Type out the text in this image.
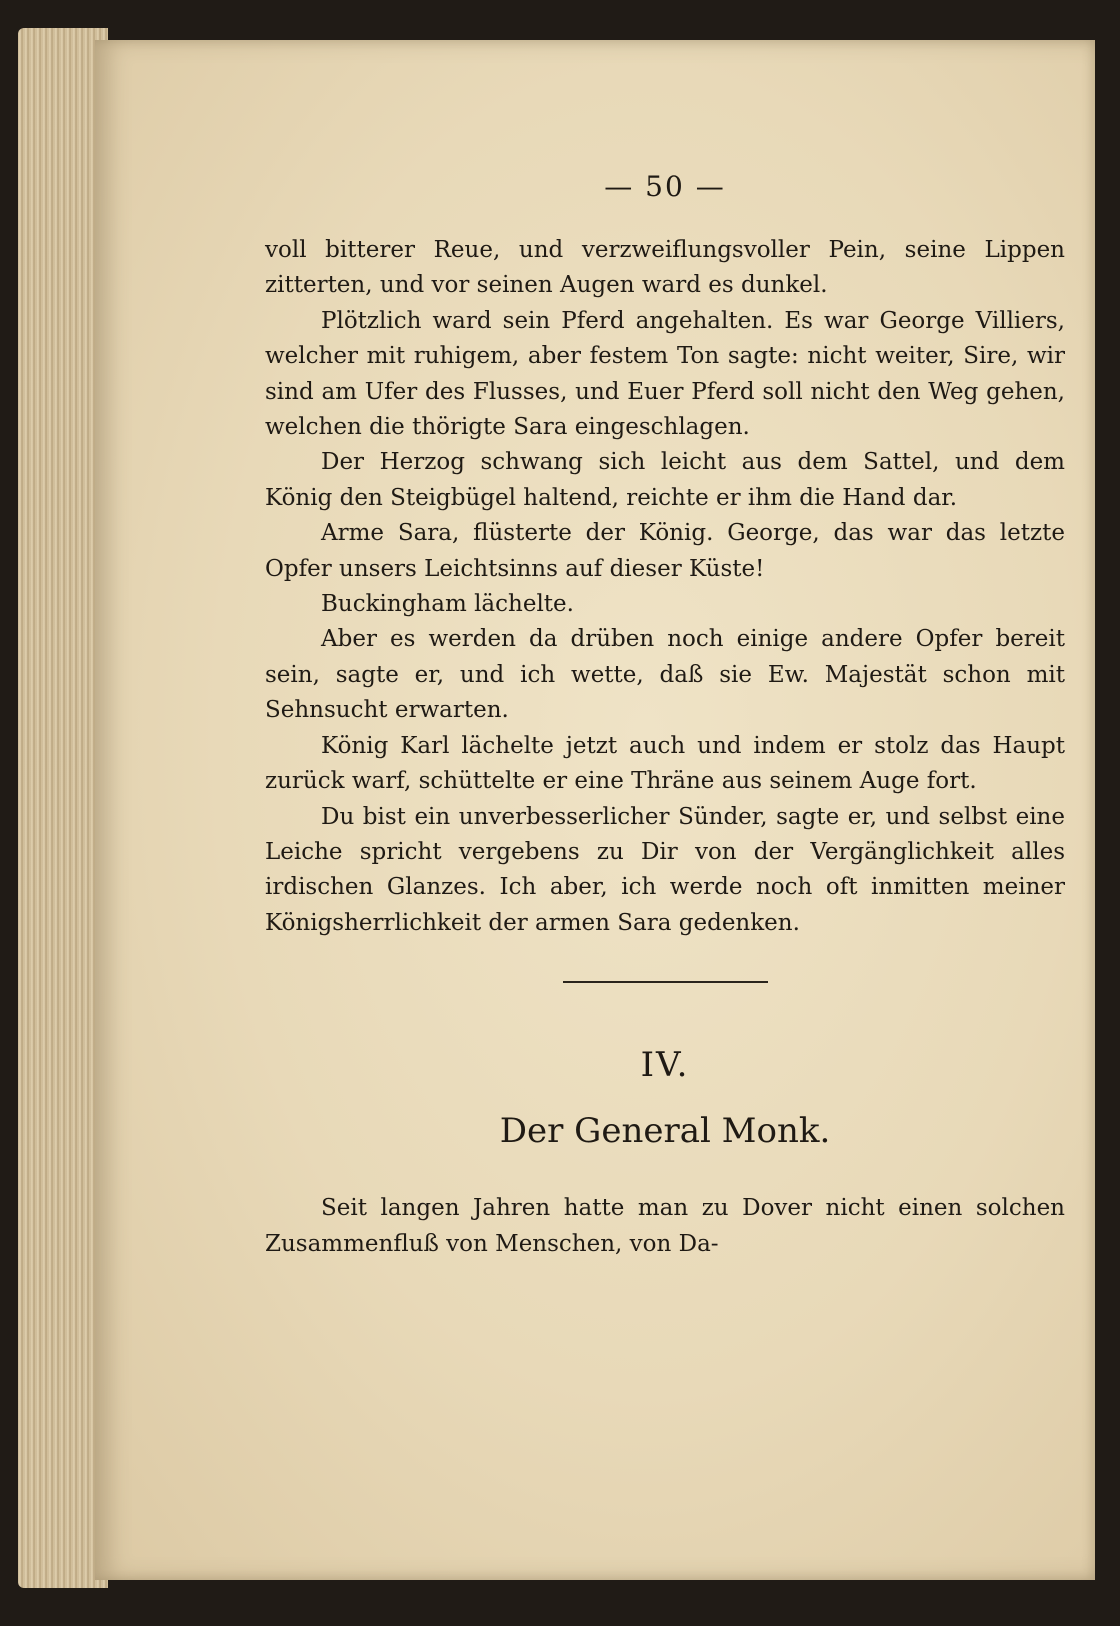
— 50 —

voll bitterer Reue, und verzweiflungsvoller Pein, seine Lippen zitterten, und vor seinen Augen ward es dunkel.

Plötzlich ward sein Pferd angehalten. Es war George Villiers, welcher mit ruhigem, aber festem Ton sagte: nicht weiter, Sire, wir sind am Ufer des Flusses, und Euer Pferd soll nicht den Weg gehen, welchen die thörigte Sara eingeschlagen.

Der Herzog schwang sich leicht aus dem Sattel, und dem König den Steigbügel haltend, reichte er ihm die Hand dar.

Arme Sara, flüsterte der König. George, das war das letzte Opfer unsers Leichtsinns auf dieser Küste!

Buckingham lächelte.

Aber es werden da drüben noch einige andere Opfer bereit sein, sagte er, und ich wette, daß sie Ew. Majestät schon mit Sehnsucht erwarten.

König Karl lächelte jetzt auch und indem er stolz das Haupt zurück warf, schüttelte er eine Thräne aus seinem Auge fort.

Du bist ein unverbesserlicher Sünder, sagte er, und selbst eine Leiche spricht vergebens zu Dir von der Vergänglichkeit alles irdischen Glanzes. Ich aber, ich werde noch oft inmitten meiner Königsherrlichkeit der armen Sara gedenken.

IV.
Der General Monk.

Seit langen Jahren hatte man zu Dover nicht einen solchen Zusammenfluß von Menschen, von Da-
